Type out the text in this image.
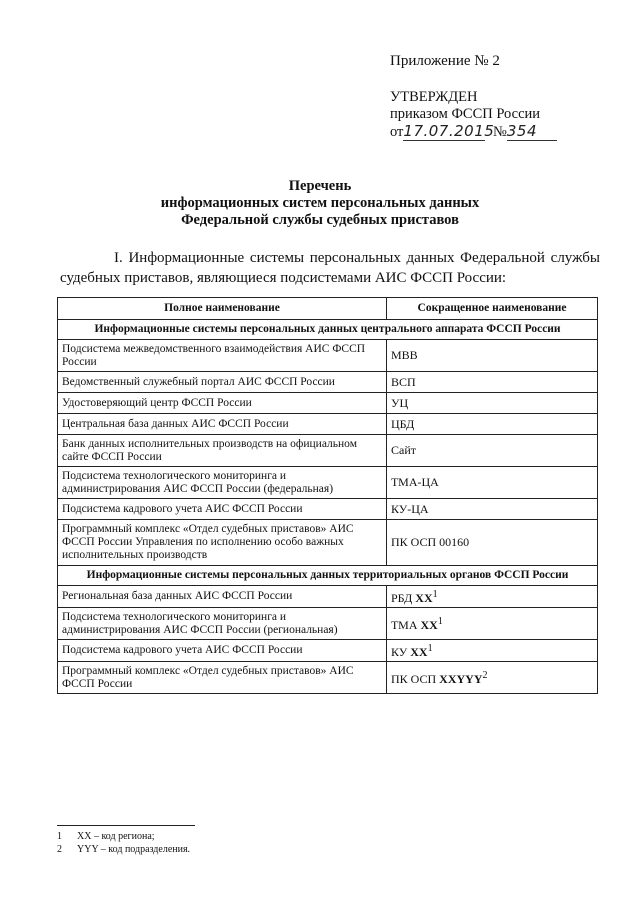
Приложение № 2
УТВЕРЖДЕН
приказом ФССП России
от17.07.2015 №354
Перечень
информационных систем персональных данных
Федеральной службы судебных приставов
I. Информационные системы персональных данных Федеральной службы судебных приставов, являющиеся подсистемами АИС ФССП России:
Полное наименование	Сокращенное наименование
Информационные системы персональных данных центрального аппарата ФССП России	
Подсистема межведомственного взаимодействия АИС ФССП России	МВВ
Ведомственный служебный портал АИС ФССП России	ВСП
Удостоверяющий центр ФССП России	УЦ
Центральная база данных АИС ФССП России	ЦБД
Банк данных исполнительных производств на официальном сайте ФССП России	Сайт
Подсистема технологического мониторинга и администрирования АИС ФССП России (федеральная)	ТМА-ЦА
Подсистема кадрового учета АИС ФССП России	КУ-ЦА
Программный комплекс «Отдел судебных приставов» АИС ФССП России Управления по исполнению особо важных исполнительных производств	ПК ОСП 00160
Информационные системы персональных данных территориальных органов ФССП России	
Региональная база данных АИС ФССП России	РБД $ХХ^1$
Подсистема технологического мониторинга и администрирования АИС ФССП России (региональная)	ТМА $ХХ^1$
Подсистема кадрового учета АИС ФССП России	КУ $ХХ^1$
Программный комплекс «Отдел судебных приставов» АИС ФССП России	ПК ОСП XXYYY$^2$
1 ХХ – код региона;
2 YYY – код подразделения.
